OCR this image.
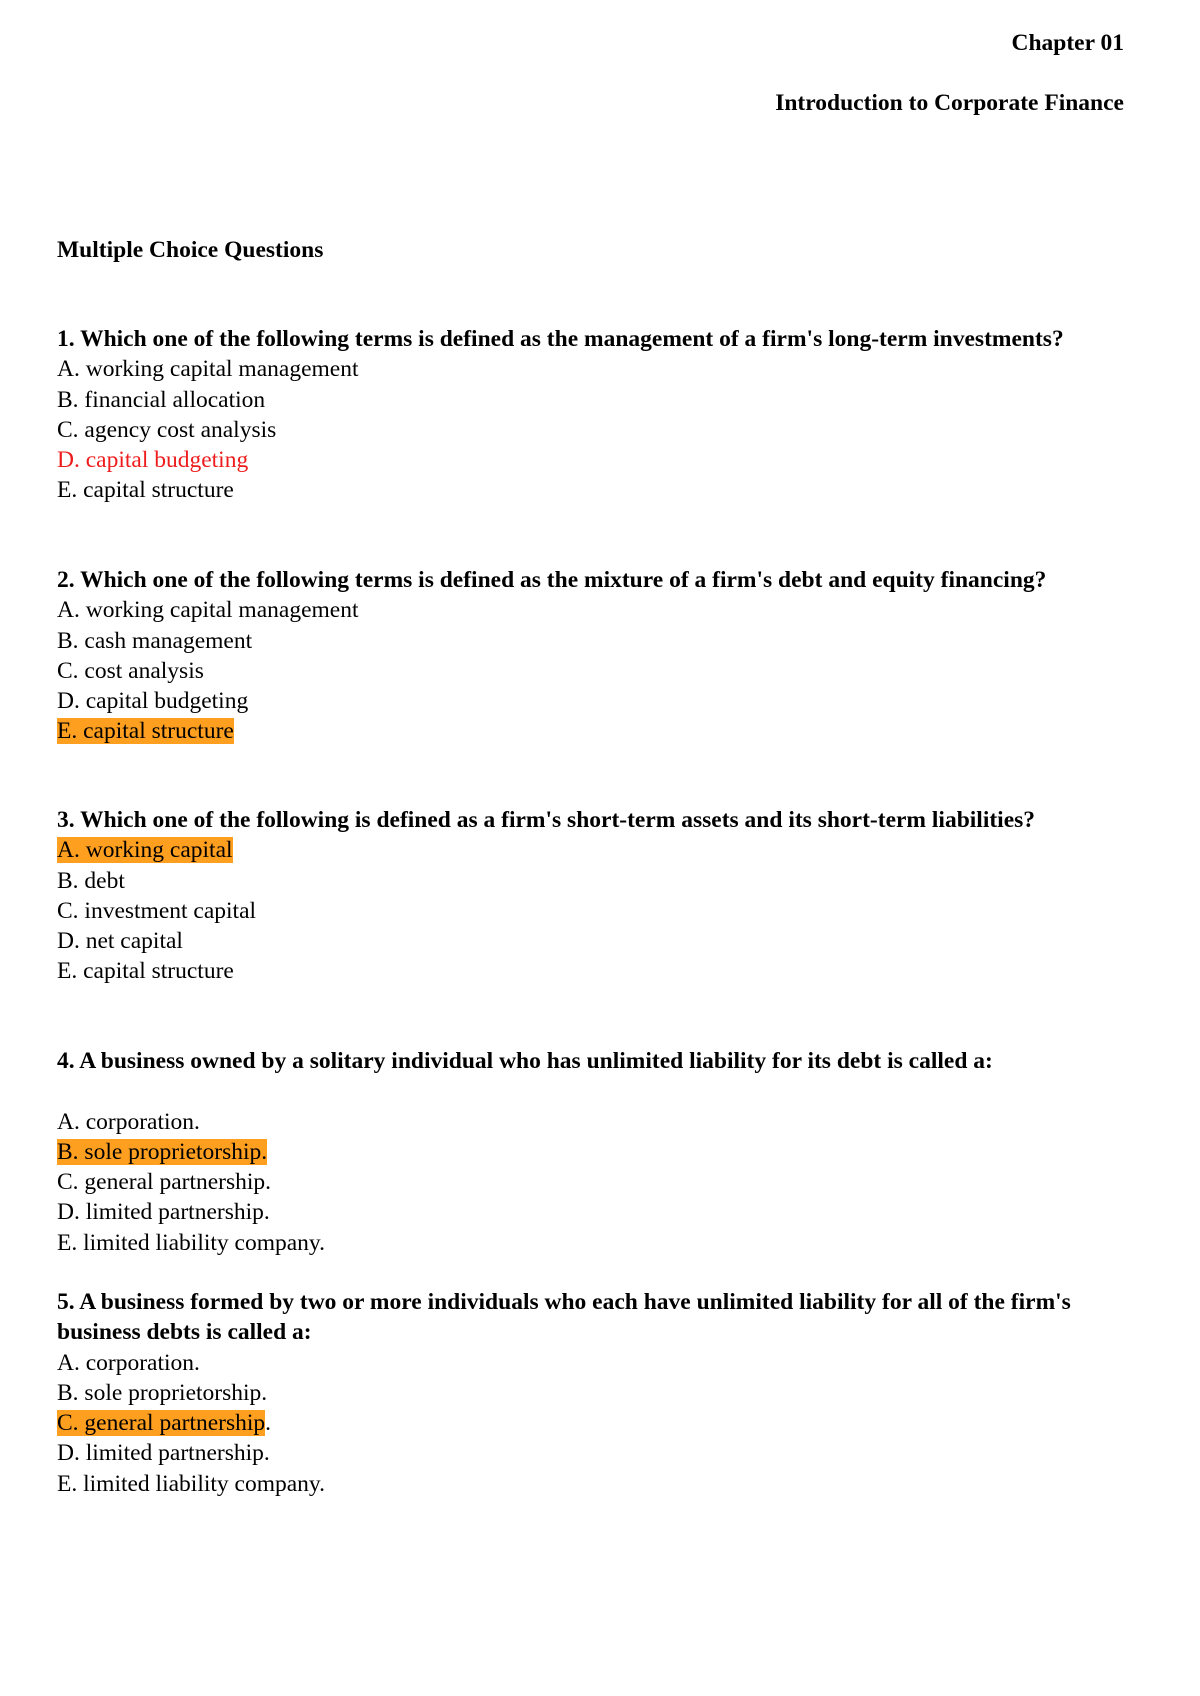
Chapter 01
Introduction to Corporate Finance
Multiple Choice Questions

1. Which one of the following terms is defined as the management of a firm's long-term investments?

A. working capital management
B. financial allocation
C. agency cost analysis
D. capital budgeting
E. capital structure

2. Which one of the following terms is defined as the mixture of a firm's debt and equity financing?

A. working capital management
B. cash management
C. cost analysis
D. capital budgeting
E. capital structure

3. Which one of the following is defined as a firm's short-term assets and its short-term liabilities?

A. working capital
B. debt
C. investment capital
D. net capital
E. capital structure

4. A business owned by a solitary individual who has unlimited liability for its debt is called a:

A. corporation.
B. sole proprietorship.
C. general partnership.
D. limited partnership.
E. limited liability company.

5. A business formed by two or more individuals who each have unlimited liability for all of the firm's business debts is called a:

A. corporation.
B. sole proprietorship.
C. general partnership.
D. limited partnership.
E. limited liability company.
